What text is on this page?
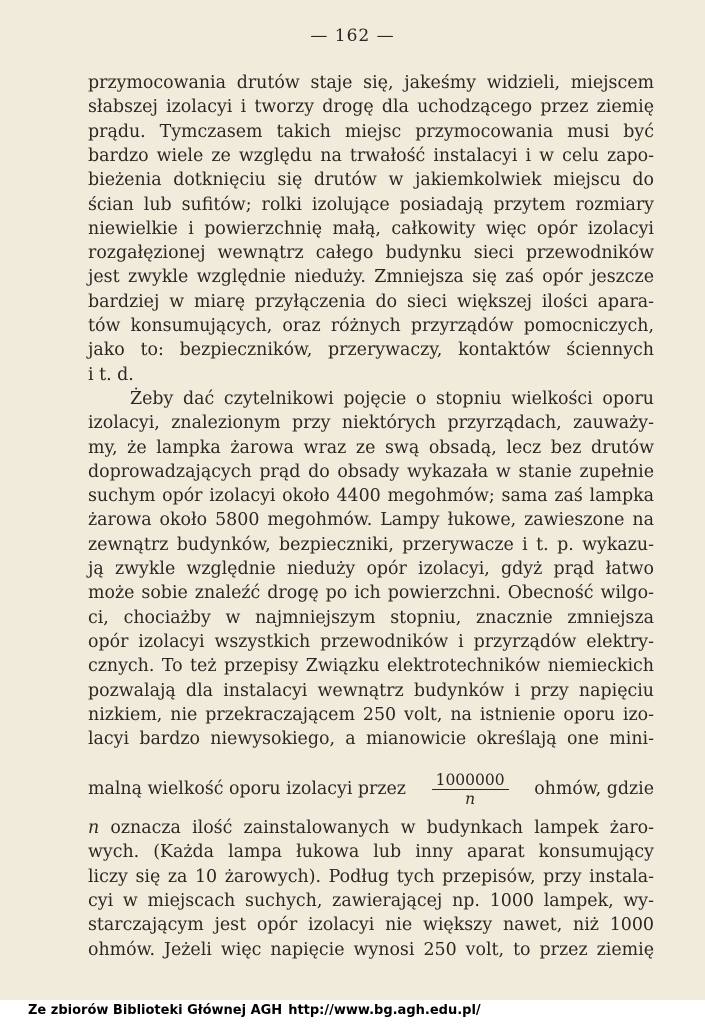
— 162 —
przymocowania drutów staje się, jakeśmy widzieli, miejscem
słabszej izolacyi i tworzy drogę dla uchodzącego przez ziemię
prądu. Tymczasem takich miejsc przymocowania musi być
bardzo wiele ze względu na trwałość instalacyi i w celu zapo-
bieżenia dotknięciu się drutów w jakiemkolwiek miejscu do
ścian lub sufitów; rolki izolujące posiadają przytem rozmiary
niewielkie i powierzchnię małą, całkowity więc opór izolacyi
rozgałęzionej wewnątrz całego budynku sieci przewodników
jest zwykle względnie nieduży. Zmniejsza się zaś opór jeszcze
bardziej w miarę przyłączenia do sieci większej ilości apara-
tów konsumujących, oraz różnych przyrządów pomocniczych,
jako to: bezpieczników, przerywaczy, kontaktów ściennych
i t. d.
Żeby dać czytelnikowi pojęcie o stopniu wielkości oporu
izolacyi, znalezionym przy niektórych przyrządach, zauważy-
my, że lampka żarowa wraz ze swą obsadą, lecz bez drutów
doprowadzających prąd do obsady wykazała w stanie zupełnie
suchym opór izolacyi około 4400 megohmów; sama zaś lampka
żarowa około 5800 megohmów. Lampy łukowe, zawieszone na
zewnątrz budynków, bezpieczniki, przerywacze i t. p. wykazu-
ją zwykle względnie nieduży opór izolacyi, gdyż prąd łatwo
może sobie znaleźć drogę po ich powierzchni. Obecność wilgo-
ci, chociażby w najmniejszym stopniu, znacznie zmniejsza
opór izolacyi wszystkich przewodników i przyrządów elektry-
cznych. To też przepisy Związku elektrotechników niemieckich
pozwalają dla instalacyi wewnątrz budynków i przy napięciu
nizkiem, nie przekraczającem 250 volt, na istnienie oporu izo-
lacyi bardzo niewysokiego, a mianowicie określają one mini-
malną wielkość oporu izolacyi przez $\frac{1000000}{n}$ ohmów, gdzie
n oznacza ilość zainstalowanych w budynkach lampek żaro-
wych. (Każda lampa łukowa lub inny aparat konsumujący
liczy się za 10 żarowych). Podług tych przepisów, przy instala-
cyi w miejscach suchych, zawierającej np. 1000 lampek, wy-
starczającym jest opór izolacyi nie większy nawet, niż 1000
ohmów. Jeżeli więc napięcie wynosi 250 volt, to przez ziemię
Ze zbiorów Biblioteki Głównej AGH http://www.bg.agh.edu.pl/
